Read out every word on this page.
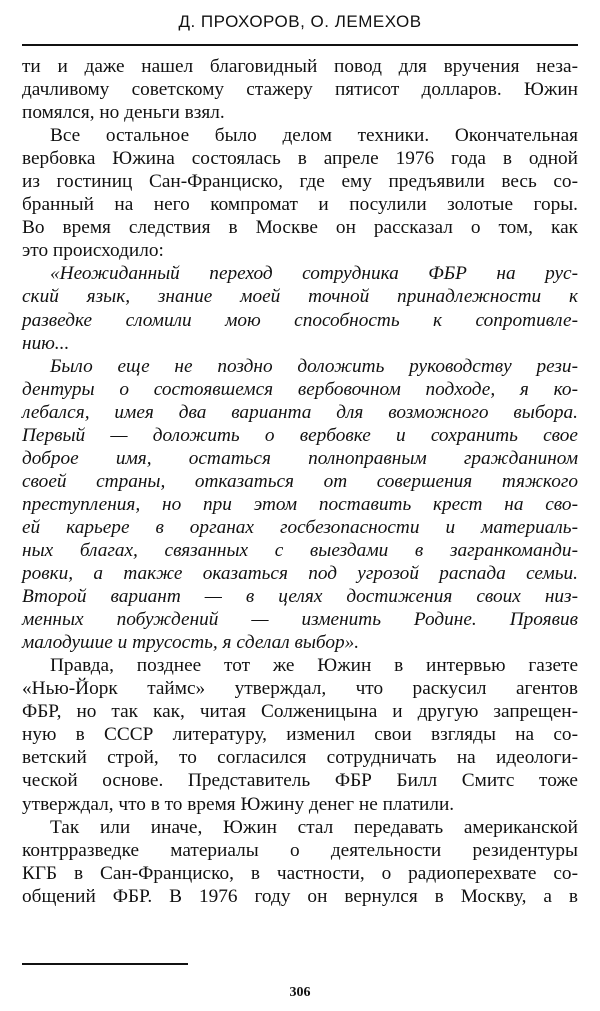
Д. ПРОХОРОВ, О. ЛЕМЕХОВ
ти и даже нашел благовидный повод для вручения неза-
дачливому советскому стажеру пятисот долларов. Южин
помялся, но деньги взял.
Все остальное было делом техники. Окончательная
вербовка Южина состоялась в апреле 1976 года в одной
из гостиниц Сан-Франциско, где ему предъявили весь со-
бранный на него компромат и посулили золотые горы.
Во время следствия в Москве он рассказал о том, как
это происходило:
«Неожиданный переход сотрудника ФБР на рус-
ский язык, знание моей точной принадлежности к
разведке сломили мою способность к сопротивле-
нию...
Было еще не поздно доложить руководству рези-
дентуры о состоявшемся вербовочном подходе, я ко-
лебался, имея два варианта для возможного выбора.
Первый — доложить о вербовке и сохранить свое
доброе имя, остаться полноправным гражданином
своей страны, отказаться от совершения тяжкого
преступления, но при этом поставить крест на сво-
ей карьере в органах госбезопасности и материаль-
ных благах, связанных с выездами в загранкоманди-
ровки, а также оказаться под угрозой распада семьи.
Второй вариант — в целях достижения своих низ-
менных побуждений — изменить Родине. Проявив
малодушие и трусость, я сделал выбор».
Правда, позднее тот же Южин в интервью газете
«Нью-Йорк таймс» утверждал, что раскусил агентов
ФБР, но так как, читая Солженицына и другую запрещен-
ную в СССР литературу, изменил свои взгляды на со-
ветский строй, то согласился сотрудничать на идеологи-
ческой основе. Представитель ФБР Билл Смитс тоже
утверждал, что в то время Южину денег не платили.
Так или иначе, Южин стал передавать американской
контрразведке материалы о деятельности резидентуры
КГБ в Сан-Франциско, в частности, о радиоперехвате со-
общений ФБР. В 1976 году он вернулся в Москву, а в
306
